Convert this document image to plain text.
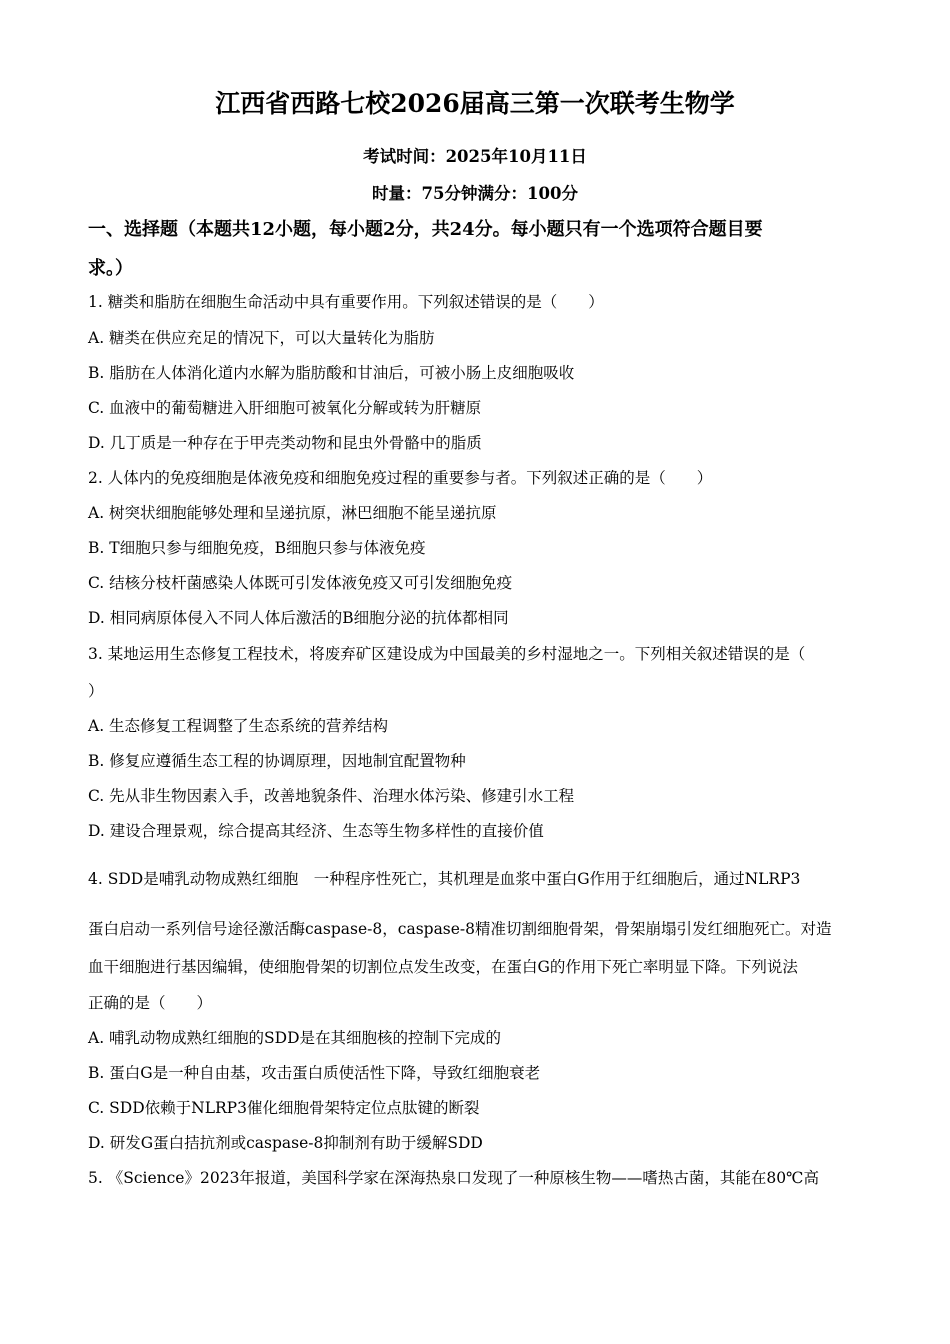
江西省西路七校2026届高三第一次联考生物学
考试时间：2025年10月11日
时量：75分钟满分：100分
一、选择题（本题共12小题，每小题2分，共24分。每小题只有一个选项符合题目要
求。）
1. 糖类和脂肪在细胞生命活动中具有重要作用。下列叙述错误的是（　　）
A. 糖类在供应充足的情况下，可以大量转化为脂肪
B. 脂肪在人体消化道内水解为脂肪酸和甘油后，可被小肠上皮细胞吸收
C. 血液中的葡萄糖进入肝细胞可被氧化分解或转为肝糖原
D. 几丁质是一种存在于甲壳类动物和昆虫外骨骼中的脂质
2. 人体内的免疫细胞是体液免疫和细胞免疫过程的重要参与者。下列叙述正确的是（　　）
A. 树突状细胞能够处理和呈递抗原，淋巴细胞不能呈递抗原
B. T细胞只参与细胞免疫，B细胞只参与体液免疫
C. 结核分枝杆菌感染人体既可引发体液免疫又可引发细胞免疫
D. 相同病原体侵入不同人体后激活的B细胞分泌的抗体都相同
3. 某地运用生态修复工程技术，将废弃矿区建设成为中国最美的乡村湿地之一。下列相关叙述错误的是（
）
A. 生态修复工程调整了生态系统的营养结构
B. 修复应遵循生态工程的协调原理，因地制宜配置物种
C. 先从非生物因素入手，改善地貌条件、治理水体污染、修建引水工程
D. 建设合理景观，综合提高其经济、生态等生物多样性的直接价值
4. SDD是哺乳动物成熟红细胞　一种程序性死亡，其机理是血浆中蛋白G作用于红细胞后，通过NLRP3
蛋白启动一系列信号途径激活酶caspase-8，caspase-8精准切割细胞骨架，骨架崩塌引发红细胞死亡。对造
血干细胞进行基因编辑，使细胞骨架的切割位点发生改变，在蛋白G的作用下死亡率明显下降。下列说法
正确的是（　　）
A. 哺乳动物成熟红细胞的SDD是在其细胞核的控制下完成的
B. 蛋白G是一种自由基，攻击蛋白质使活性下降，导致红细胞衰老
C. SDD依赖于NLRP3催化细胞骨架特定位点肽键的断裂
D. 研发G蛋白拮抗剂或caspase-8抑制剂有助于缓解SDD
5. 《Science》2023年报道，美国科学家在深海热泉口发现了一种原核生物——嗜热古菌，其能在80℃高
